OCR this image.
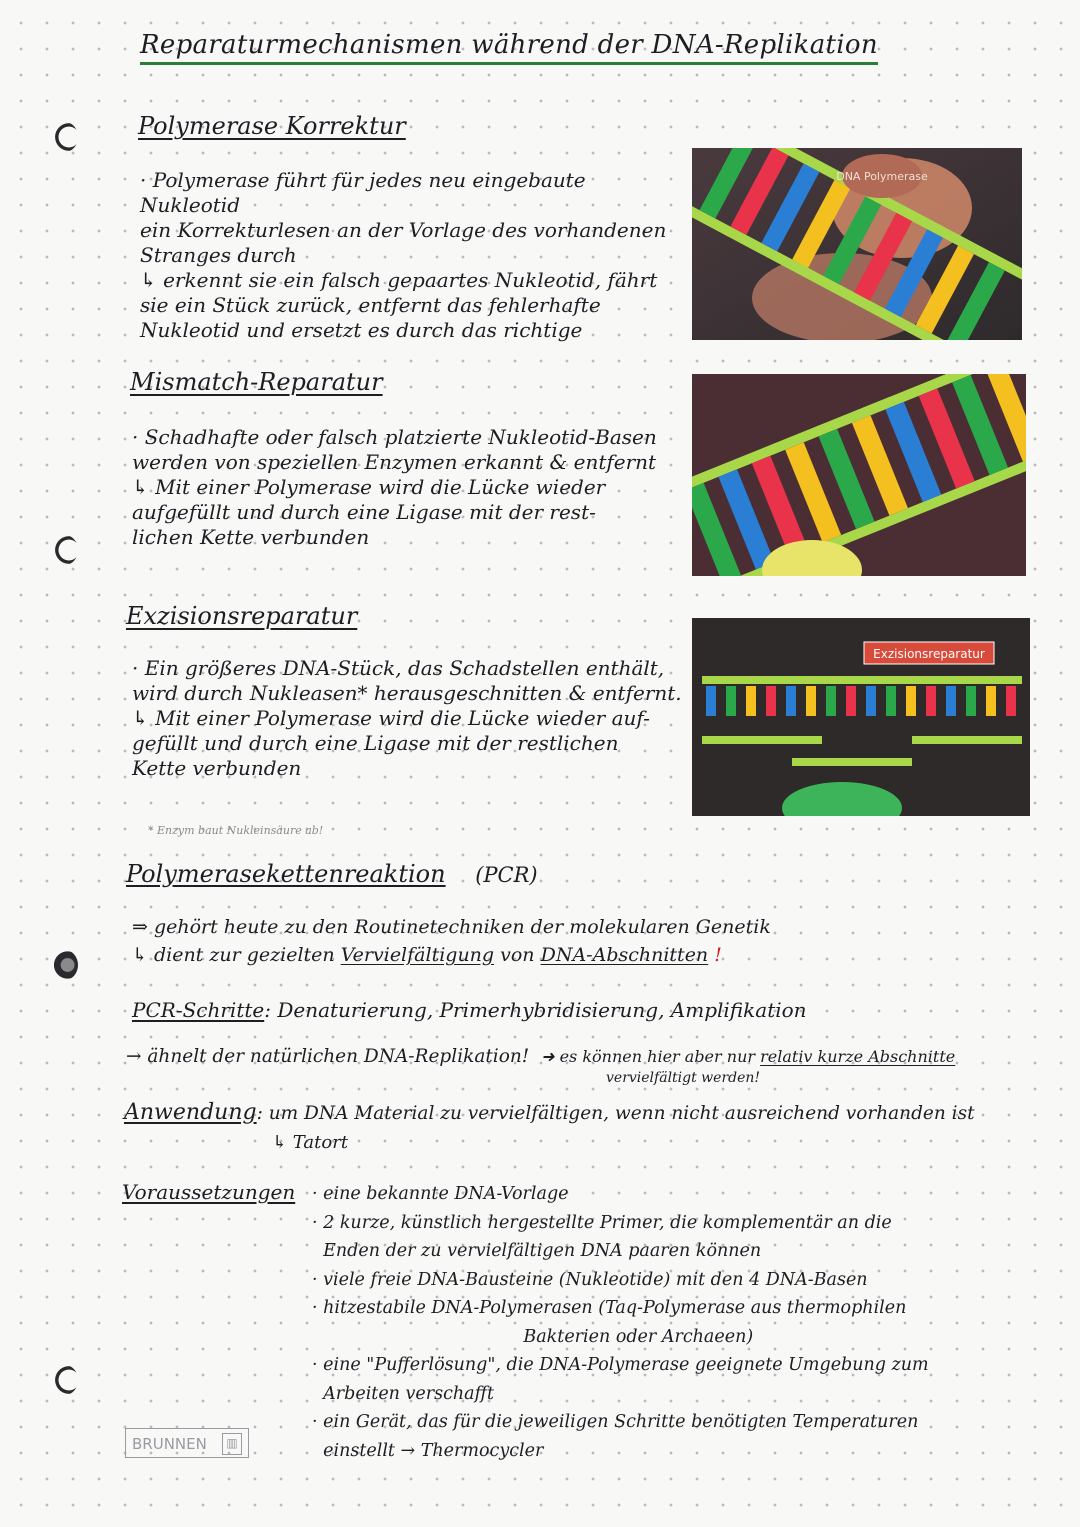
Reparaturmechanismen während der DNA-Replikation
Polymerase Korrektur
· Polymerase führt für jedes neu eingebaute Nukleotid
ein Korrekturlesen an der Vorlage des vorhandenen
Stranges durch
↳ erkennt sie ein falsch gepaartes Nukleotid, fährt
sie ein Stück zurück, entfernt das fehlerhafte
Nukleotid und ersetzt es durch das richtige
DNA Polymerase
Mismatch-Reparatur
· Schadhafte oder falsch platzierte Nukleotid-Basen
werden von speziellen Enzymen erkannt & entfernt
↳ Mit einer Polymerase wird die Lücke wieder
aufgefüllt und durch eine Ligase mit der rest-
lichen Kette verbunden
Exzisionsreparatur
· Ein größeres DNA-Stück, das Schadstellen enthält,
wird durch Nukleasen* herausgeschnitten & entfernt.
↳ Mit einer Polymerase wird die Lücke wieder auf-
gefüllt und durch eine Ligase mit der restlichen
Kette verbunden
Exzisionsreparatur
* Enzym baut Nukleinsäure ab!
Polymerasekettenreaktion (PCR)
⇒ gehört heute zu den Routinetechniken der molekularen Genetik
↳ dient zur gezielten Vervielfältigung von DNA-Abschnitten !
PCR-Schritte: Denaturierung, Primerhybridisierung, Amplifikation
→ ähnelt der natürlichen DNA-Replikation! ➜ es können hier aber nur relativ kurze Abschnitte
vervielfältigt werden!
Anwendung: um DNA Material zu vervielfältigen, wenn nicht ausreichend vorhanden ist
↳ Tatort
Voraussetzungen · eine bekannte DNA-Vorlage
· 2 kurze, künstlich hergestellte Primer, die komplementär an die
Enden der zu vervielfältigen DNA paaren können
· viele freie DNA-Bausteine (Nukleotide) mit den 4 DNA-Basen
· hitzestabile DNA-Polymerasen (Taq-Polymerase aus thermophilen
Bakterien oder Archaeen)
· eine "Pufferlösung", die DNA-Polymerase geeignete Umgebung zum
Arbeiten verschafft
· ein Gerät, das für die jeweiligen Schritte benötigten Temperaturen
einstellt → Thermocycler
BRUNNEN	▥
